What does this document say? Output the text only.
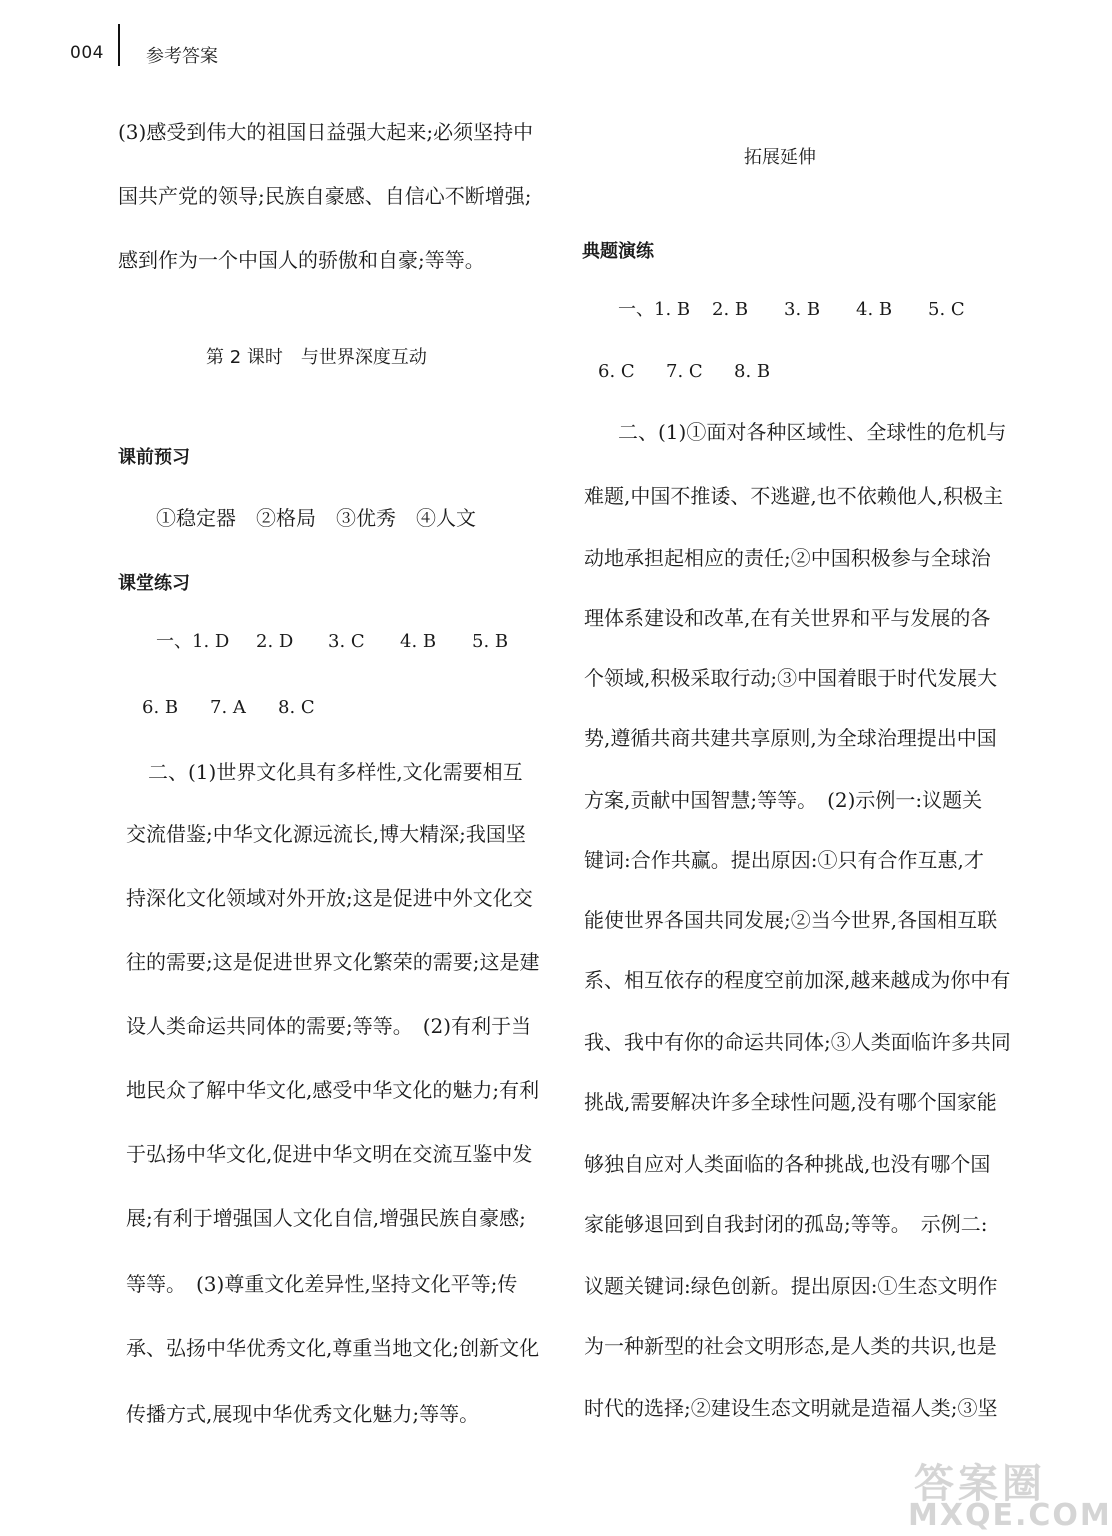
004 参考答案
(3)感受到伟大的祖国日益强大起来;必须坚持中
国共产党的领导;民族自豪感、自信心不断增强;
感到作为一个中国人的骄傲和自豪;等等。
第 2 课时　与世界深度互动
课前预习
①稳定器　②格局　③优秀　④人文
课堂练习
一、1. D 2. D 3. C 4. B 5. B
6. B 7. A 8. C
二、(1)世界文化具有多样性,文化需要相互
交流借鉴;中华文化源远流长,博大精深;我国坚
持深化文化领域对外开放;这是促进中外文化交
往的需要;这是促进世界文化繁荣的需要;这是建
设人类命运共同体的需要;等等。　(2)有利于当
地民众了解中华文化,感受中华文化的魅力;有利
于弘扬中华文化,促进中华文明在交流互鉴中发
展;有利于增强国人文化自信,增强民族自豪感;
等等。　(3)尊重文化差异性,坚持文化平等;传
承、弘扬中华优秀文化,尊重当地文化;创新文化
传播方式,展现中华优秀文化魅力;等等。
拓展延伸
典题演练
一、1. B 2. B 3. B 4. B 5. C
6. C 7. C 8. B
二、(1)①面对各种区域性、全球性的危机与
难题,中国不推诿、不逃避,也不依赖他人,积极主
动地承担起相应的责任;②中国积极参与全球治
理体系建设和改革,在有关世界和平与发展的各
个领域,积极采取行动;③中国着眼于时代发展大
势,遵循共商共建共享原则,为全球治理提出中国
方案,贡献中国智慧;等等。　(2)示例一:议题关
键词:合作共赢。提出原因:①只有合作互惠,才
能使世界各国共同发展;②当今世界,各国相互联
系、相互依存的程度空前加深,越来越成为你中有
我、我中有你的命运共同体;③人类面临许多共同
挑战,需要解决许多全球性问题,没有哪个国家能
够独自应对人类面临的各种挑战,也没有哪个国
家能够退回到自我封闭的孤岛;等等。　示例二:
议题关键词:绿色创新。提出原因:①生态文明作
为一种新型的社会文明形态,是人类的共识,也是
时代的选择;②建设生态文明就是造福人类;③坚
答案圈
MXQE.COM
